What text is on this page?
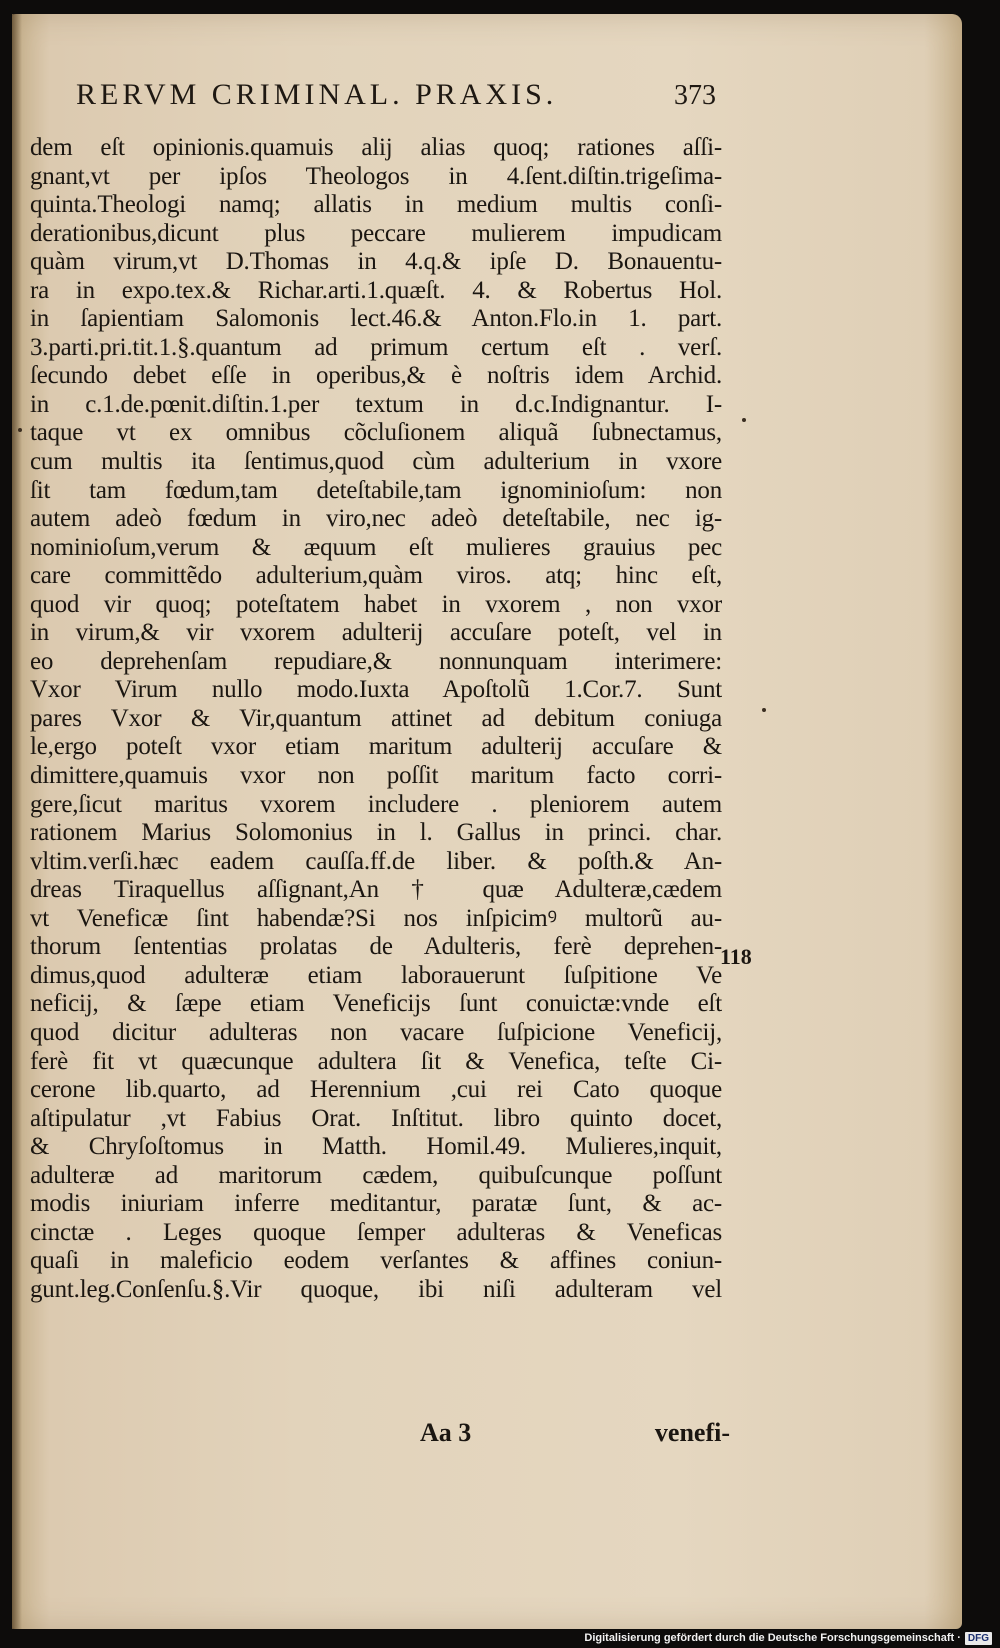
RERVM CRIMINAL. PRAXIS.	373
dem eſt opinionis.quamuis alij alias quoq; rationes aſſi-
gnant,vt per ipſos Theologos in 4.ſent.diſtin.trigeſima-
quinta.Theologi namq; allatis in medium multis conſi-
derationibus,dicunt plus peccare mulierem impudicam
quàm virum,vt D.Thomas in 4.q.& ipſe D. Bonauentu-
ra in expo.tex.& Richar.arti.1.quæſt. 4. & Robertus Hol.
in ſapientiam Salomonis lect.46.& Anton.Flo.in 1. part.
3.parti.pri.tit.1.§.quantum ad primum certum eſt . verſ.
ſecundo debet eſſe in operibus,& è noſtris idem Archid.
in c.1.de.pœnit.diſtin.1.per textum in d.c.Indignantur. I-
taque vt ex omnibus cõcluſionem aliquã ſubnectamus,
cum multis ita ſentimus,quod cùm adulterium in vxore
ſit tam fœdum,tam deteſtabile,tam ignominioſum: non
autem adeò fœdum in viro,nec adeò deteſtabile, nec ig-
nominioſum,verum & æquum eſt mulieres grauius pec
care committẽdo adulterium,quàm viros. atq; hinc eſt,
quod vir quoq; poteſtatem habet in vxorem , non vxor
in virum,& vir vxorem adulterij accuſare poteſt, vel in
eo deprehenſam repudiare,& nonnunquam interimere:
Vxor Virum nullo modo.Iuxta Apoſtolũ 1.Cor.7. Sunt
pares Vxor & Vir,quantum attinet ad debitum coniuga
le,ergo poteſt vxor etiam maritum adulterij accuſare &
dimittere,quamuis vxor non poſſit maritum facto corri-
gere,ſicut maritus vxorem includere . pleniorem autem
rationem Marius Solomonius in l. Gallus in princi. char.
vltim.verſi.hæc eadem cauſſa.ff.de liber. & poſth.& An-
dreas Tiraquellus aſſignant,An † quæ Adulteræ,cædem
vt Veneficæ ſint habendæ?Si nos inſpicimꝰ multorũ au-
thorum ſententias prolatas de Adulteris, ferè deprehen-
dimus,quod adulteræ etiam laborauerunt ſuſpitione Ve
neficij, & ſæpe etiam Veneficijs ſunt conuictæ:vnde eſt
quod dicitur adulteras non vacare ſuſpicione Veneficij,
ferè fit vt quæcunque adultera ſit & Venefica, teſte Ci-
cerone lib.quarto, ad Herennium ,cui rei Cato quoque
aſtipulatur ,vt Fabius Orat. Inſtitut. libro quinto docet,
& Chryſoſtomus in Matth. Homil.49. Mulieres,inquit,
adulteræ ad maritorum cædem, quibuſcunque poſſunt
modis iniuriam inferre meditantur, paratæ ſunt, & ac-
cinctæ . Leges quoque ſemper adulteras & Veneficas
quaſi in maleficio eodem verſantes & affines coniun-
gunt.leg.Conſenſu.§.Vir quoque, ibi niſi adulteram vel
118
Aa 3	venefi-
Digitalisierung gefördert durch die Deutsche Forschungsgemeinschaft · DFG
